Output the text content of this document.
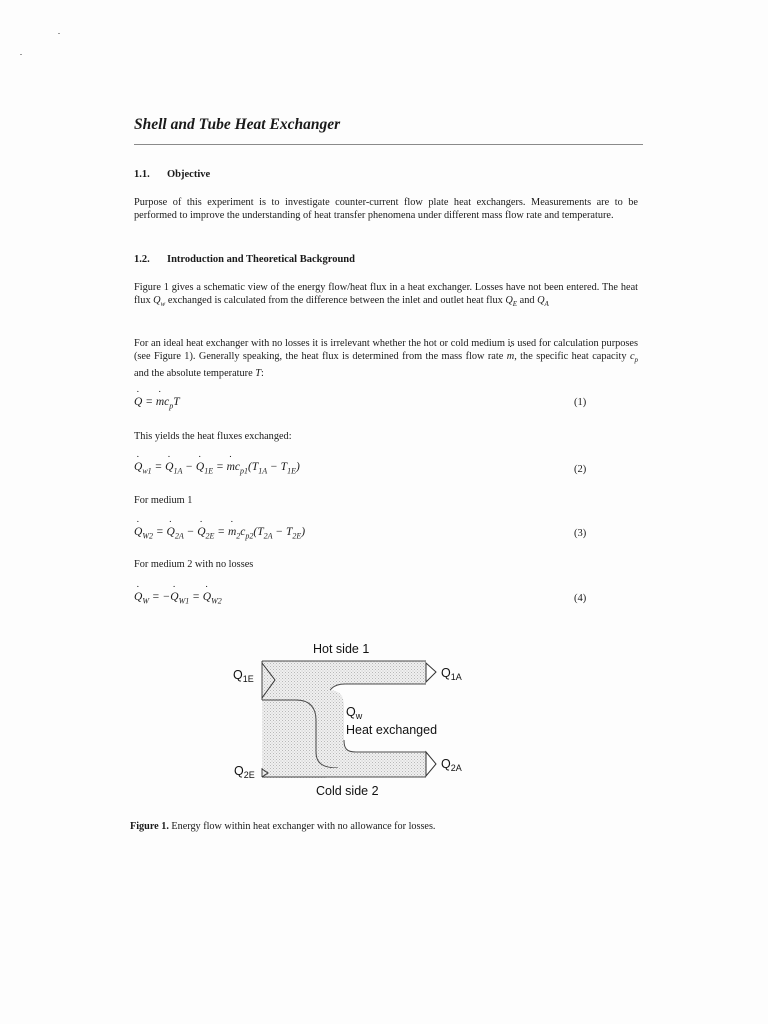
Shell and Tube Heat Exchanger
1.1. Objective
Purpose of this experiment is to investigate counter-current flow plate heat exchangers. Measurements are to be performed to improve the understanding of heat transfer phenomena under different mass flow rate and temperature.
1.2. Introduction and Theoretical Background
Figure 1 gives a schematic view of the energy flow/heat flux in a heat exchanger. Losses have not been entered. The heat flux $Q_w$ exchanged is calculated from the difference between the inlet and outlet heat flux $Q_E$ and $Q_A$
For an ideal heat exchanger with no losses it is irrelevant whether the hot or cold medium is used for calculation purposes (see Figure 1). Generally speaking, the heat flux is determined from the mass flow rate m ˙, the specific heat capacity $c_p$ and the absolute temperature T:
Q ˙ = m $˙c_pT$	(1)
This yields the heat fluxes exchanged:
Q $˙_{w1} = Q$ $˙_{1A} - Q$ $˙_{1E} = m$ $˙c_{p1}(T_{1A} - T_{1E})$	(2)
For medium 1
Q $˙_{W2} = Q$ $˙_{2A} - Q$ $˙_{2E} = m$ $˙_2c_{p2}(T_{2A} - T_{2E})$	(3)
For medium 2 with no losses
Q $˙_W = -Q$ $˙_{W1} = Q$ $˙_{W2}$	(4)
Hot side 1
$Q_{1E}$	$Q_{1A}$
$Q_w$
Heat exchanged
$Q_{2E}$
$Q_{2A}$
Cold side 2
Figure 1. Energy flow within heat exchanger with no allowance for losses.
